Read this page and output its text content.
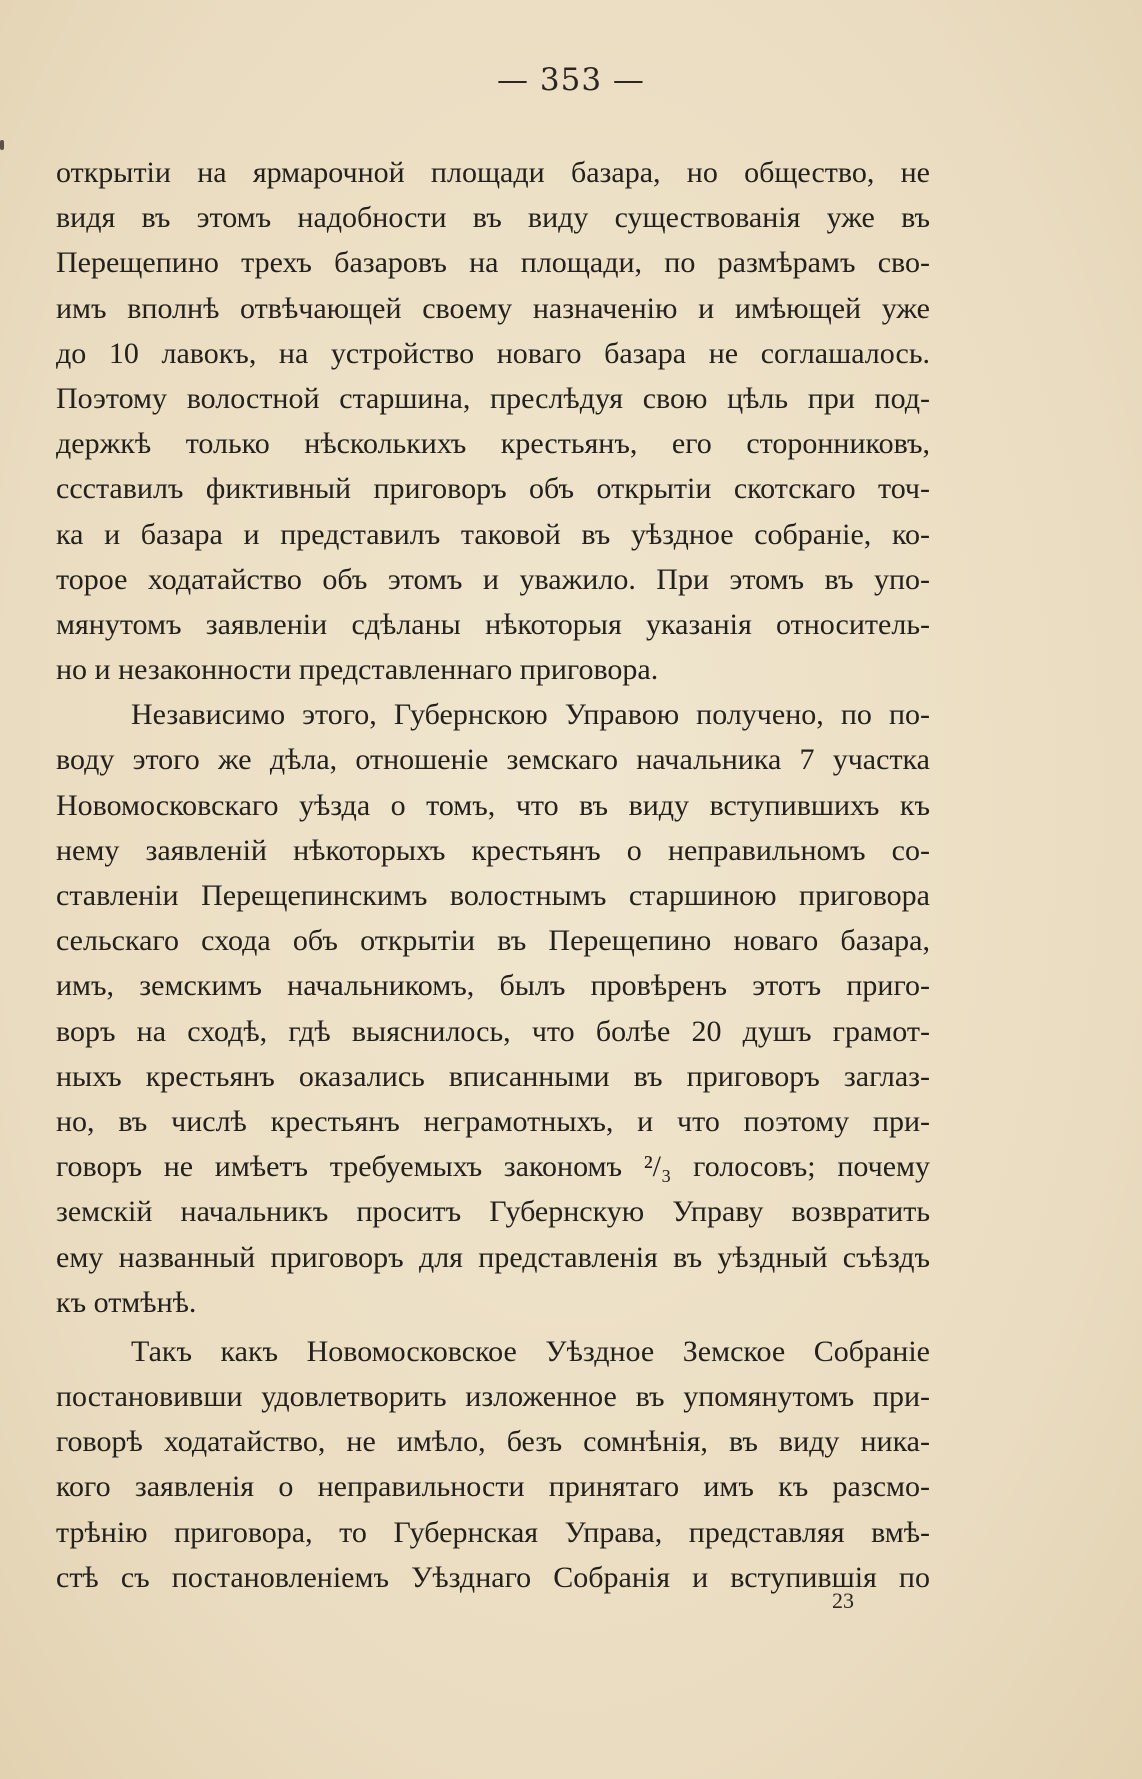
— 353 —
открытіи на ярмарочной площади базара, но общество, не
видя въ этомъ надобности въ виду существованія уже въ
Перещепино трехъ базаровъ на площади, по размѣрамъ сво-
имъ вполнѣ отвѣчающей своему назначенію и имѣющей уже
до 10 лавокъ, на устройство новаго базара не соглашалось.
Поэтому волостной старшина, преслѣдуя свою цѣль при под-
держкѣ только нѣсколькихъ крестьянъ, его сторонниковъ,
ссставилъ фиктивный приговоръ объ открытіи скотскаго точ-
ка и базара и представилъ таковой въ уѣздное собраніе, ко-
торое ходатайство объ этомъ и уважило. При этомъ въ упо-
мянутомъ заявленіи сдѣланы нѣкоторыя указанія относитель-
но и незаконности представленнаго приговора.
Независимо этого, Губернскою Управою получено, по по-
воду этого же дѣла, отношеніе земскаго начальника 7 участка
Новомосковскаго уѣзда о томъ, что въ виду вступившихъ къ
нему заявленій нѣкоторыхъ крестьянъ о неправильномъ со-
ставленіи Перещепинскимъ волостнымъ старшиною приговора
сельскаго схода объ открытіи въ Перещепино новаго базара,
имъ, земскимъ начальникомъ, былъ провѣренъ этотъ приго-
воръ на сходѣ, гдѣ выяснилось, что болѣе 20 душъ грамот-
ныхъ крестьянъ оказались вписанными въ приговоръ заглаз-
но, въ числѣ крестьянъ неграмотныхъ, и что поэтому при-
говоръ не имѣетъ требуемыхъ закономъ ²/₃ голосовъ; почему
земскій начальникъ проситъ Губернскую Управу возвратить
ему названный приговоръ для представленія въ уѣздный съѣздъ
къ отмѣнѣ.
Такъ какъ Новомосковское Уѣздное Земское Собраніе
постановивши удовлетворить изложенное въ упомянутомъ при-
говорѣ ходатайство, не имѣло, безъ сомнѣнія, въ виду ника-
кого заявленія о неправильности принятаго имъ къ разсмо-
трѣнію приговора, то Губернская Управа, представляя вмѣ-
стѣ съ постановленіемъ Уѣзднаго Собранія и вступившія по
23
